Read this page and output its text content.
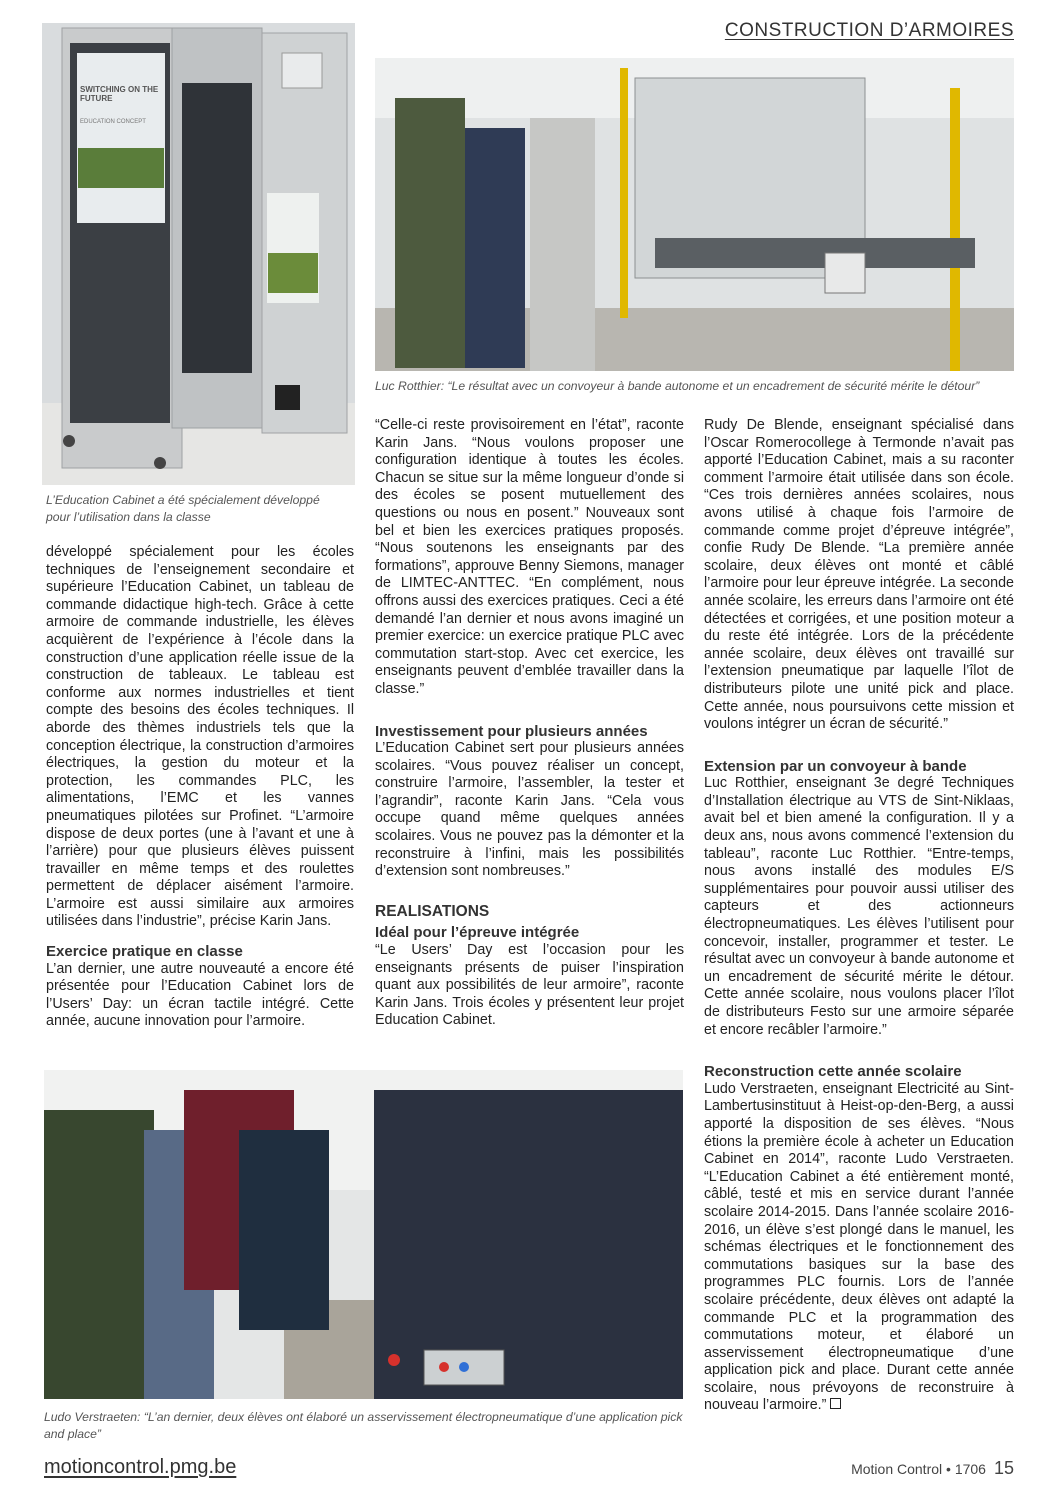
CONSTRUCTION D’ARMOIRES
SWITCHING ON THE FUTURE
EDUCATION CONCEPT
L’Education Cabinet a été spécialement développé pour l’utilisation dans la classe
Luc Rotthier: “Le résultat avec un convoyeur à bande autonome et un encadrement de sécurité mérite le détour”

développé spécialement pour les écoles techniques de l’enseignement secondaire et supérieure l’Education Cabinet, un tableau de commande didactique high-tech. Grâce à cette armoire de commande industrielle, les élèves acquièrent de l’expérience à l’école dans la construction d’une application réelle issue de la construction de tableaux. Le tableau est conforme aux normes industrielles et tient compte des besoins des écoles techniques. Il aborde des thèmes industriels tels que la conception électrique, la construction d’armoires électriques, la gestion du moteur et la protection, les commandes PLC, les alimentations, l’EMC et les vannes pneumatiques pilotées sur Profinet. “L’armoire dispose de deux portes (une à l’avant et une à l’arrière) pour que plusieurs élèves puissent travailler en même temps et des roulettes permettent de déplacer aisément l’armoire. L’armoire est aussi similaire aux armoires utilisées dans l’industrie”, précise Karin Jans.

Exercice pratique en classe

L’an dernier, une autre nouveauté a encore été présentée pour l’Education Cabinet lors de l’Users’ Day: un écran tactile intégré. Cette année, aucune innovation pour l’armoire.

“Celle-ci reste provisoirement en l’état”, raconte Karin Jans. “Nous voulons proposer une configuration identique à toutes les écoles. Chacun se situe sur la même longueur d’onde si des écoles se posent mutuellement des questions ou nous en posent.” Nouveaux sont bel et bien les exercices pratiques proposés. “Nous soutenons les enseignants par des formations”, approuve Benny Siemons, manager de LIMTEC-ANTTEC. “En complément, nous offrons aussi des exercices pratiques. Ceci a été demandé l’an dernier et nous avons imaginé un premier exercice: un exercice pratique PLC avec commutation start-stop. Avec cet exercice, les enseignants peuvent d’emblée travailler dans la classe.”

Investissement pour plusieurs années

L’Education Cabinet sert pour plusieurs années scolaires. “Vous pouvez réaliser un concept, construire l’armoire, l’assembler, la tester et l’agrandir”, raconte Karin Jans. “Cela vous occupe quand même quelques années scolaires. Vous ne pouvez pas la démonter et la reconstruire à l’infini, mais les possibilités d’extension sont nombreuses.”

REALISATIONS
Idéal pour l’épreuve intégrée

“Le Users’ Day est l’occasion pour les enseignants présents de puiser l’inspiration quant aux possibilités de leur armoire”, raconte Karin Jans. Trois écoles y présentent leur projet Education Cabinet.

Rudy De Blende, enseignant spécialisé dans l’Oscar Romerocollege à Termonde n’avait pas apporté l’Education Cabinet, mais a su raconter comment l’armoire était utilisée dans son école. “Ces trois dernières années scolaires, nous avons utilisé à chaque fois l’armoire de commande comme projet d’épreuve intégrée”, confie Rudy De Blende. “La première année scolaire, deux élèves ont monté et câblé l’armoire pour leur épreuve intégrée. La seconde année scolaire, les erreurs dans l’armoire ont été détectées et corrigées, et une position moteur a du reste été intégrée. Lors de la précédente année scolaire, deux élèves ont travaillé sur l’extension pneumatique par laquelle l’îlot de distributeurs pilote une unité pick and place. Cette année, nous poursuivons cette mission et voulons intégrer un écran de sécurité.”

Extension par un convoyeur à bande

Luc Rotthier, enseignant 3e degré Techniques d’Installation électrique au VTS de Sint-Niklaas, avait bel et bien amené la configuration. Il y a deux ans, nous avons commencé l’extension du tableau”, raconte Luc Rotthier. “Entre-temps, nous avons installé des modules E/S supplémentaires pour pouvoir aussi utiliser des capteurs et des actionneurs électropneumatiques. Les élèves l’utilisent pour concevoir, installer, programmer et tester. Le résultat avec un convoyeur à bande autonome et un encadrement de sécurité mérite le détour. Cette année scolaire, nous voulons placer l’îlot de distributeurs Festo sur une armoire séparée et encore recâbler l’armoire.”

Reconstruction cette année scolaire

Ludo Verstraeten, enseignant Electricité au Sint-Lambertusinstituut à Heist-op-den-Berg, a aussi apporté la disposition de ses élèves. “Nous étions la première école à acheter un Education Cabinet en 2014”, raconte Ludo Verstraeten. “L’Education Cabinet a été entièrement monté, câblé, testé et mis en service durant l’année scolaire 2014-2015. Dans l’année scolaire 2016-2016, un élève s’est plongé dans le manuel, les schémas électriques et le fonctionnement des commutations basiques sur la base des programmes PLC fournis. Lors de l’année scolaire précédente, deux élèves ont adapté la commande PLC et la programmation des commutations moteur, et élaboré un asservissement électropneumatique d’une application pick and place. Durant cette année scolaire, nous prévoyons de reconstruire à nouveau l’armoire.”

Ludo Verstraeten: “L’an dernier, deux élèves ont élaboré un asservissement électropneumatique d’une application pick and place”
motioncontrol.pmg.be	Motion Control • 1706 15
